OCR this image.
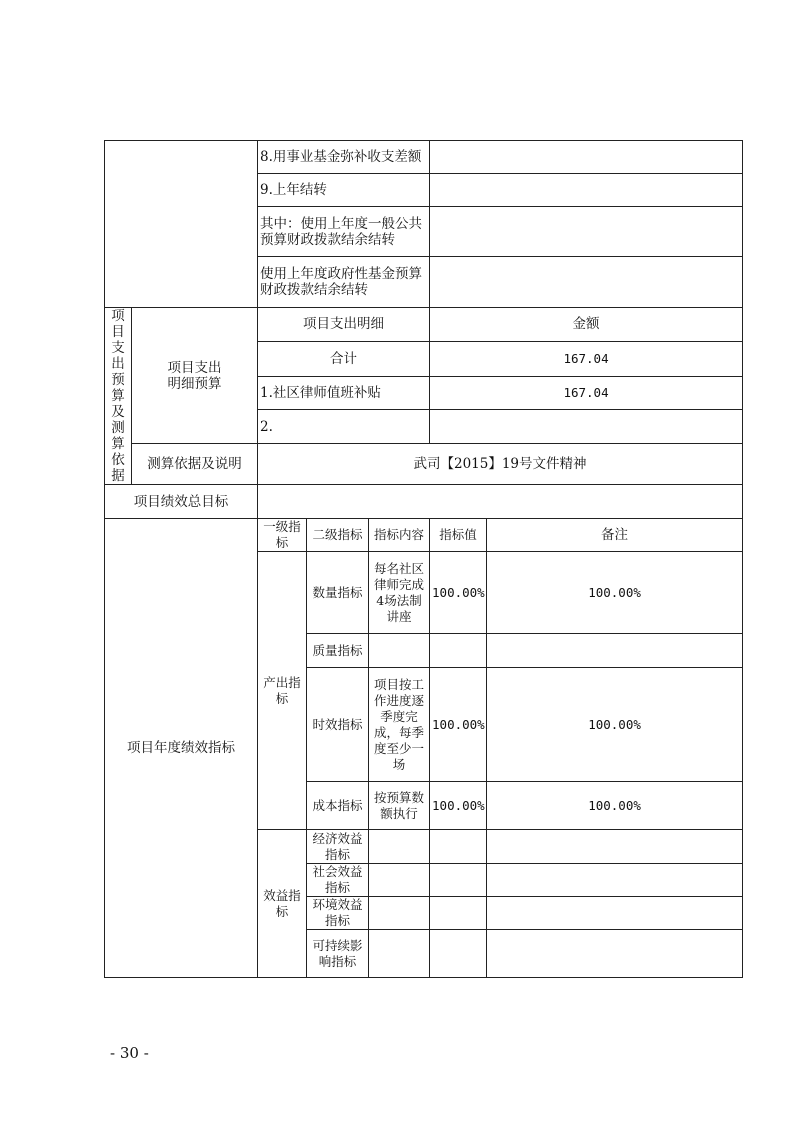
		8.用事业基金弥补收支差额				
		9.上年结转				
		其中：使用上年度一般公共预算财政拨款结余结转				
		使用上年度政府性基金预算财政拨款结余结转				

项目支出预算及测算依据	项目支出明细预算	项目支出明细			金额	
		合计			167.04	
		1.社区律师值班补贴			167.04	
		2.				
	测算依据及说明	武司【2015】19号文件精神				
项目绩效总目标						
项目年度绩效指标		一级指标	二级指标	指标内容	指标值	备注
		产出指标	数量指标	每名社区律师完成4场法制讲座	100.00%	100.00%
			质量指标			
			时效指标	项目按工作进度逐季度完成，每季度至少一场	100.00%	100.00%
			成本指标	按预算数额执行	100.00%	100.00%
		效益指标	经济效益指标			
			社会效益指标			
			环境效益指标			
			可持续影响指标			
- 30 -
